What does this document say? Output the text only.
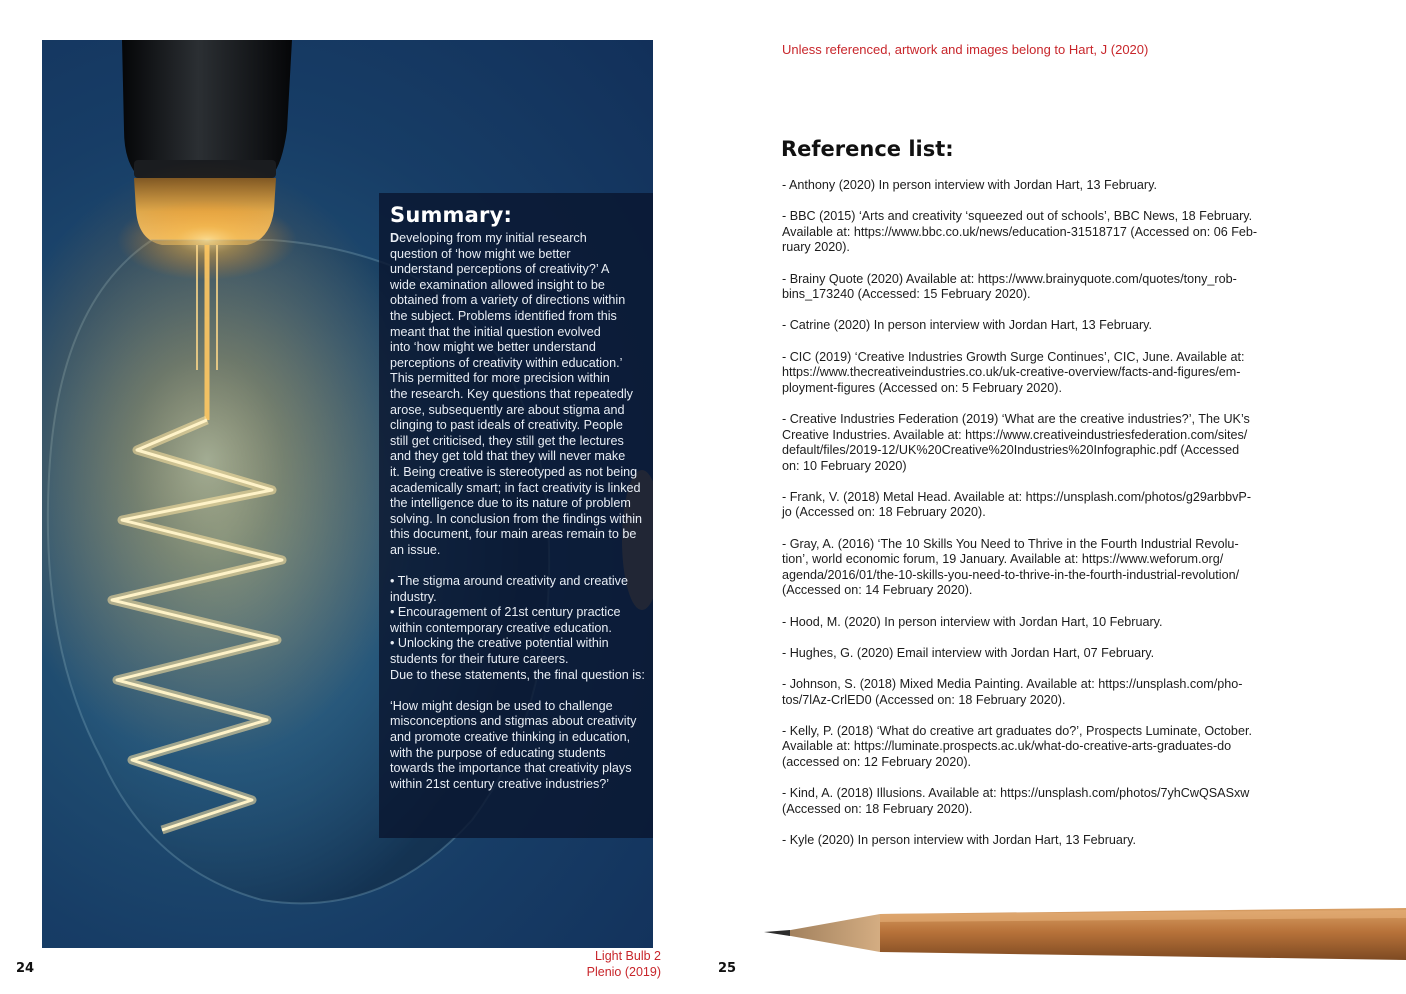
Summary:

Developing from my initial research
question of ‘how might we better
understand perceptions of creativity?’ A
wide examination allowed insight to be
obtained from a variety of directions within
the subject. Problems identified from this
meant that the initial question evolved
into ‘how might we better understand
perceptions of creativity within education.’
This permitted for more precision within
the research. Key questions that repeatedly
arose, subsequently are about stigma and
clinging to past ideals of creativity. People
still get criticised, they still get the lectures
and they get told that they will never make
it. Being creative is stereotyped as not being
academically smart; in fact creativity is linked
the intelligence due to its nature of problem
solving. In conclusion from the findings within
this document, four main areas remain to be
an issue.

• The stigma around creativity and creative
industry.
• Encouragement of 21st century practice
within contemporary creative education.
• Unlocking the creative potential within
students for their future careers.
Due to these statements, the final question is:

‘How might design be used to challenge
misconceptions and stigmas about creativity
and promote creative thinking in education,
with the purpose of educating students
towards the importance that creativity plays
within 21st century creative industries?’

Light Bulb 2
Plenio (2019)
24
Unless referenced, artwork and images belong to Hart, J (2020)
Reference list:
- Anthony (2020) In person interview with Jordan Hart, 13 February.
- BBC (2015) ‘Arts and creativity ‘squeezed out of schools’, BBC News, 18 February.
Available at: https://www.bbc.co.uk/news/education-31518717 (Accessed on: 06 Feb-
ruary 2020).
- Brainy Quote (2020) Available at: https://www.brainyquote.com/quotes/tony_rob-
bins_173240 (Accessed: 15 February 2020).
- Catrine (2020) In person interview with Jordan Hart, 13 February.
- CIC (2019) ‘Creative Industries Growth Surge Continues’, CIC, June. Available at:
https://www.thecreativeindustries.co.uk/uk-creative-overview/facts-and-figures/em-
ployment-figures (Accessed on: 5 February 2020).
- Creative Industries Federation (2019) ‘What are the creative industries?’, The UK’s
Creative Industries. Available at: https://www.creativeindustriesfederation.com/sites/
default/files/2019-12/UK%20Creative%20Industries%20Infographic.pdf (Accessed
on: 10 February 2020)
- Frank, V. (2018) Metal Head. Available at: https://unsplash.com/photos/g29arbbvP-
jo (Accessed on: 18 February 2020).
- Gray, A. (2016) ‘The 10 Skills You Need to Thrive in the Fourth Industrial Revolu-
tion’, world economic forum, 19 January. Available at: https://www.weforum.org/
agenda/2016/01/the-10-skills-you-need-to-thrive-in-the-fourth-industrial-revolution/
(Accessed on: 14 February 2020).
- Hood, M. (2020) In person interview with Jordan Hart, 10 February.
- Hughes, G. (2020) Email interview with Jordan Hart, 07 February.
- Johnson, S. (2018) Mixed Media Painting. Available at: https://unsplash.com/pho-
tos/7lAz-CrlED0 (Accessed on: 18 February 2020).
- Kelly, P. (2018) ‘What do creative art graduates do?’, Prospects Luminate, October.
Available at: https://luminate.prospects.ac.uk/what-do-creative-arts-graduates-do
(accessed on: 12 February 2020).
- Kind, A. (2018) Illusions. Available at: https://unsplash.com/photos/7yhCwQSASxw
(Accessed on: 18 February 2020).
- Kyle (2020) In person interview with Jordan Hart, 13 February.
25
